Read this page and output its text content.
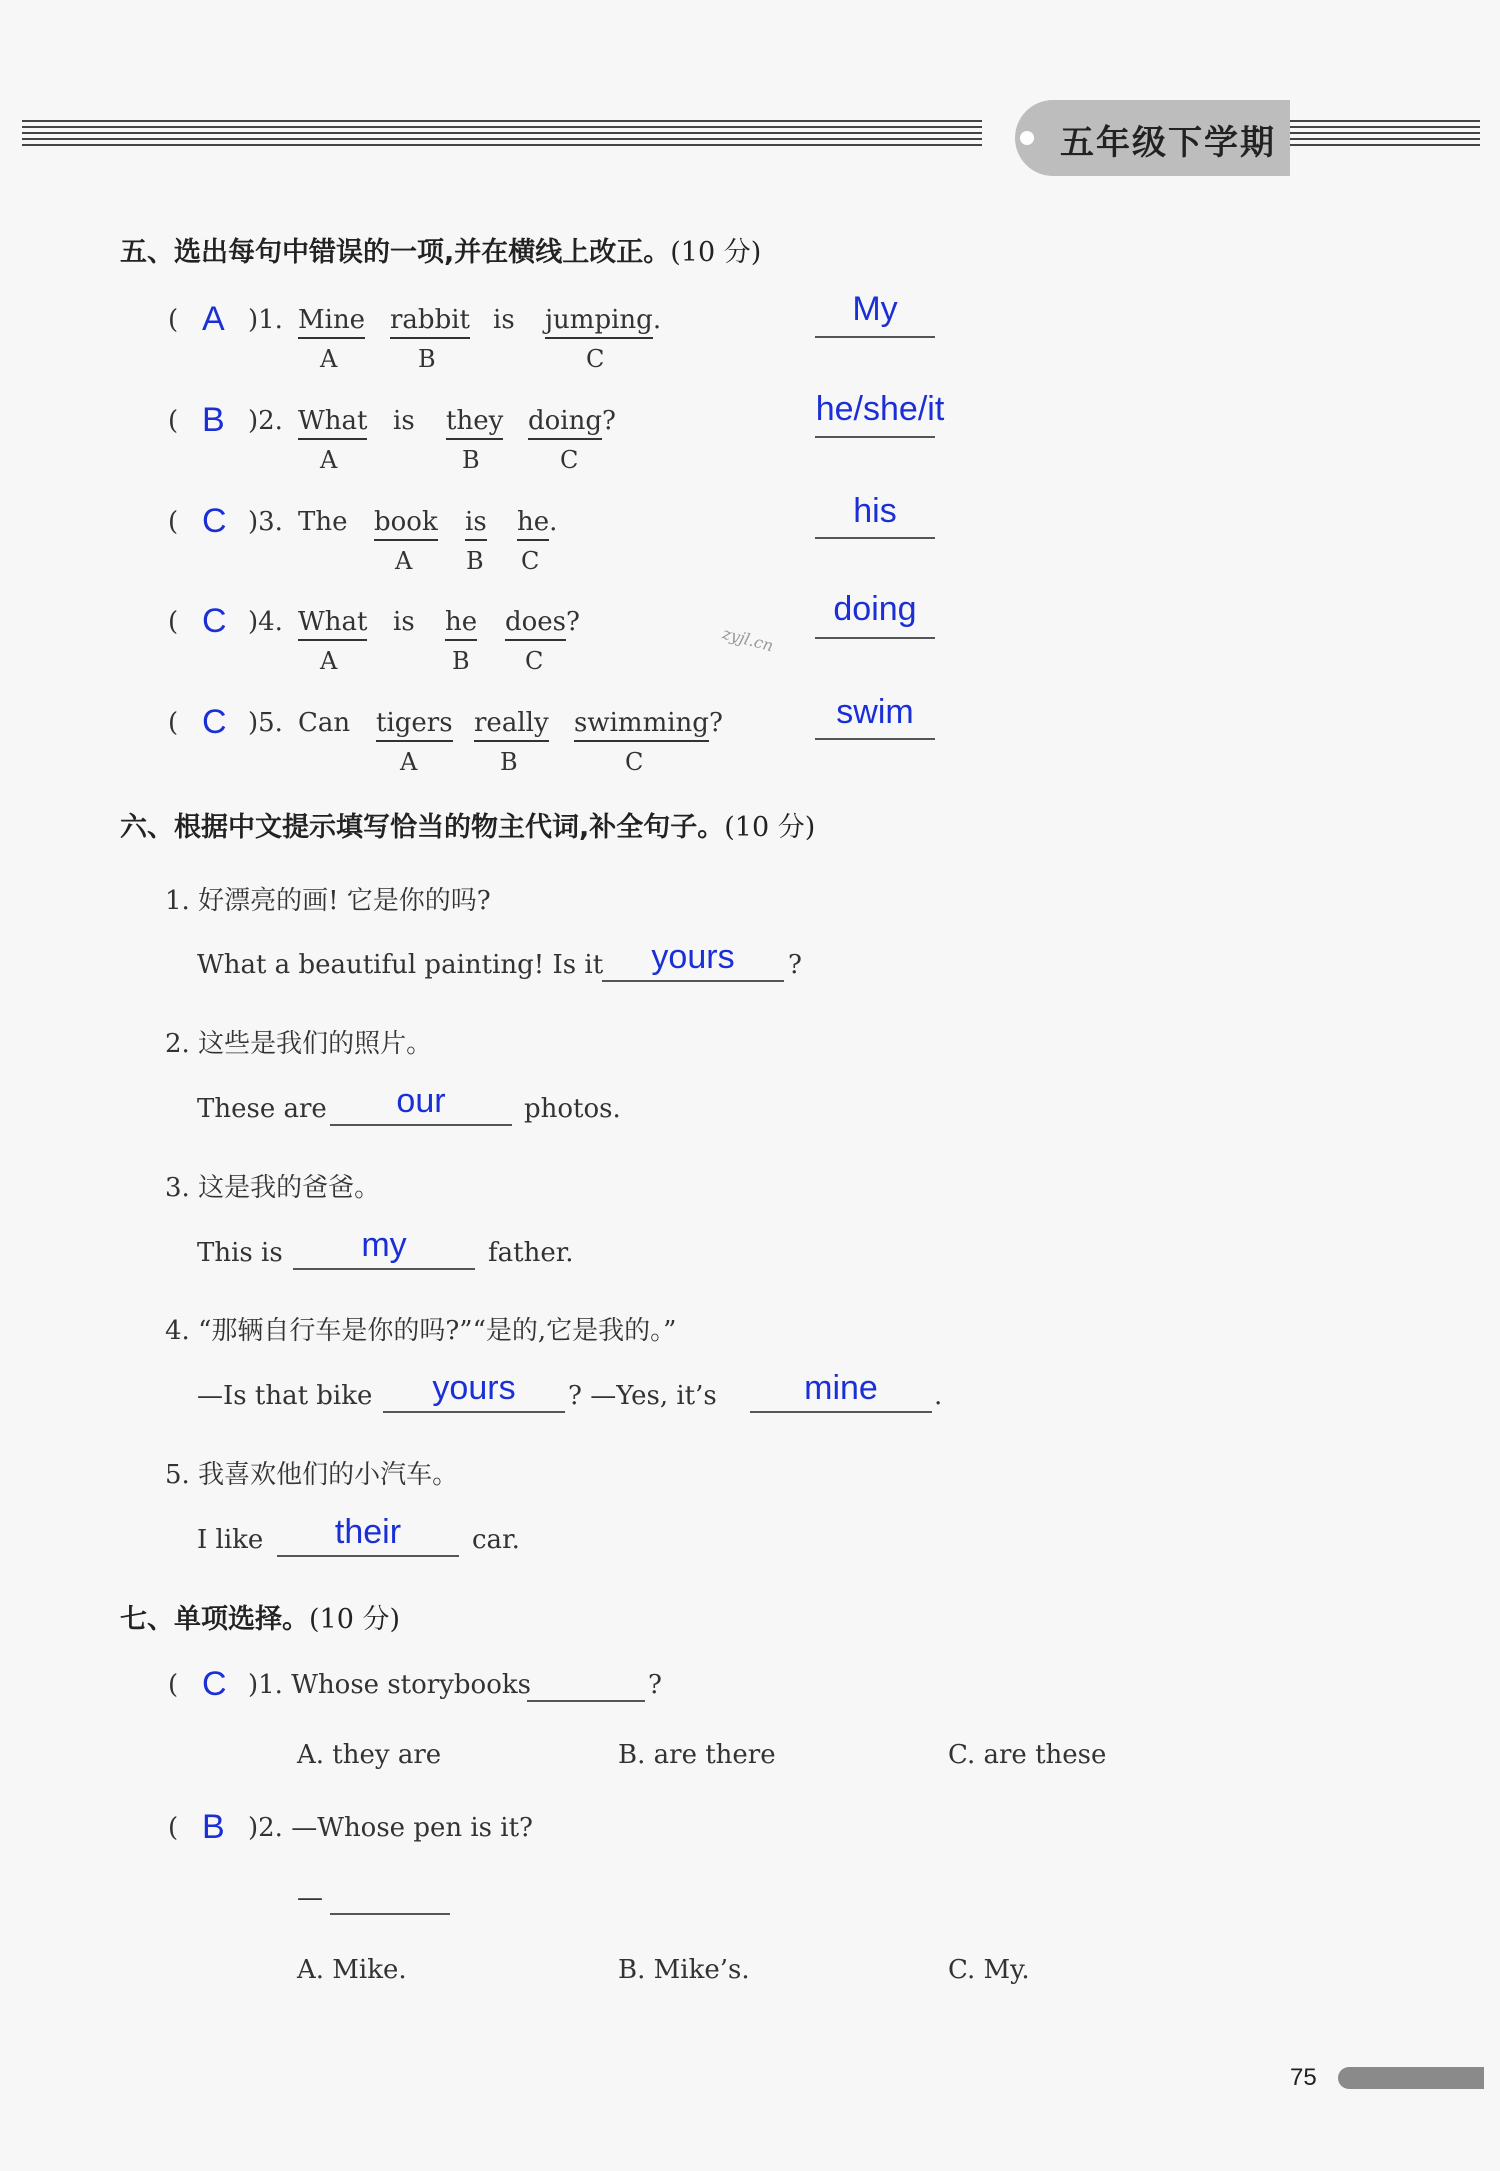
五年级下学期
五、选出每句中错误的一项,并在横线上改正。(10 分)
( A )1. Mine rabbit is jumping.
A	B	C
My
( B )2. What is they doing?
A	B	C
he/she/it
( C )3. The book is he.
A B C
his
( C )4. What is he does?
A	B C
doing
zyjl.cn
( C )5. Can tigers really swimming?
A	B	C
swim
六、根据中文提示填写恰当的物主代词,补全句子。(10 分)
1. 好漂亮的画! 它是你的吗?
What a beautiful painting! Is it	yours	?
2. 这些是我们的照片。
These are	our	photos.
3. 这是我的爸爸。
This is	my	father.
4. “那辆自行车是你的吗?”“是的,它是我的。”
—Is that bike	yours	? —Yes, it’s	mine	.
5. 我喜欢他们的小汽车。
I like	their	car.
七、单项选择。(10 分)
( C )1. Whose storybooks	?
A. they are	B. are there	C. are these
( B )2. —Whose pen is it?
—
A. Mike.	B. Mike’s.	C. My.
75
